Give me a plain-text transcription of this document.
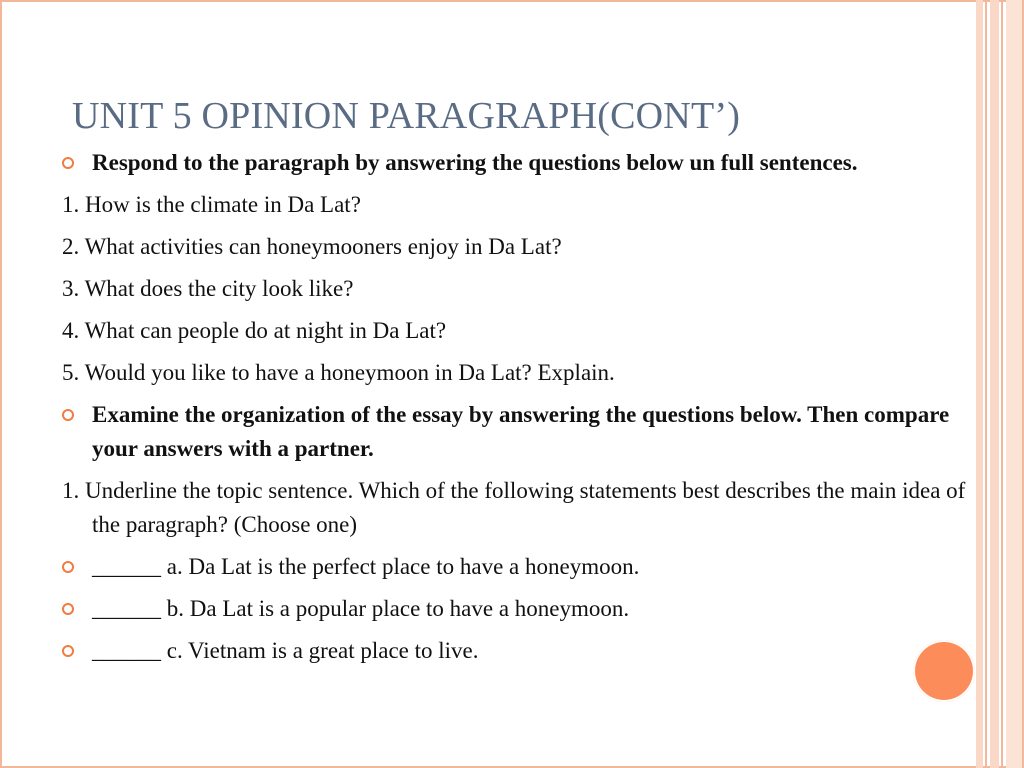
UNIT 5 OPINION PARAGRAPH(CONT’)
Respond to the paragraph by answering the questions below un full sentences.
1. How is the climate in Da Lat?
2. What activities can honeymooners enjoy in Da Lat?
3. What does the city look like?
4. What can people do at night in Da Lat?
5. Would you like to have a honeymoon in Da Lat? Explain.
Examine the organization of the essay by answering the questions below. Then compare your answers with a partner.
1. Underline the topic sentence. Which of the following statements best describes the main idea of the paragraph? (Choose one)
______ a. Da Lat is the perfect place to have a honeymoon.
______ b. Da Lat is a popular place to have a honeymoon.
______ c. Vietnam is a great place to live.
